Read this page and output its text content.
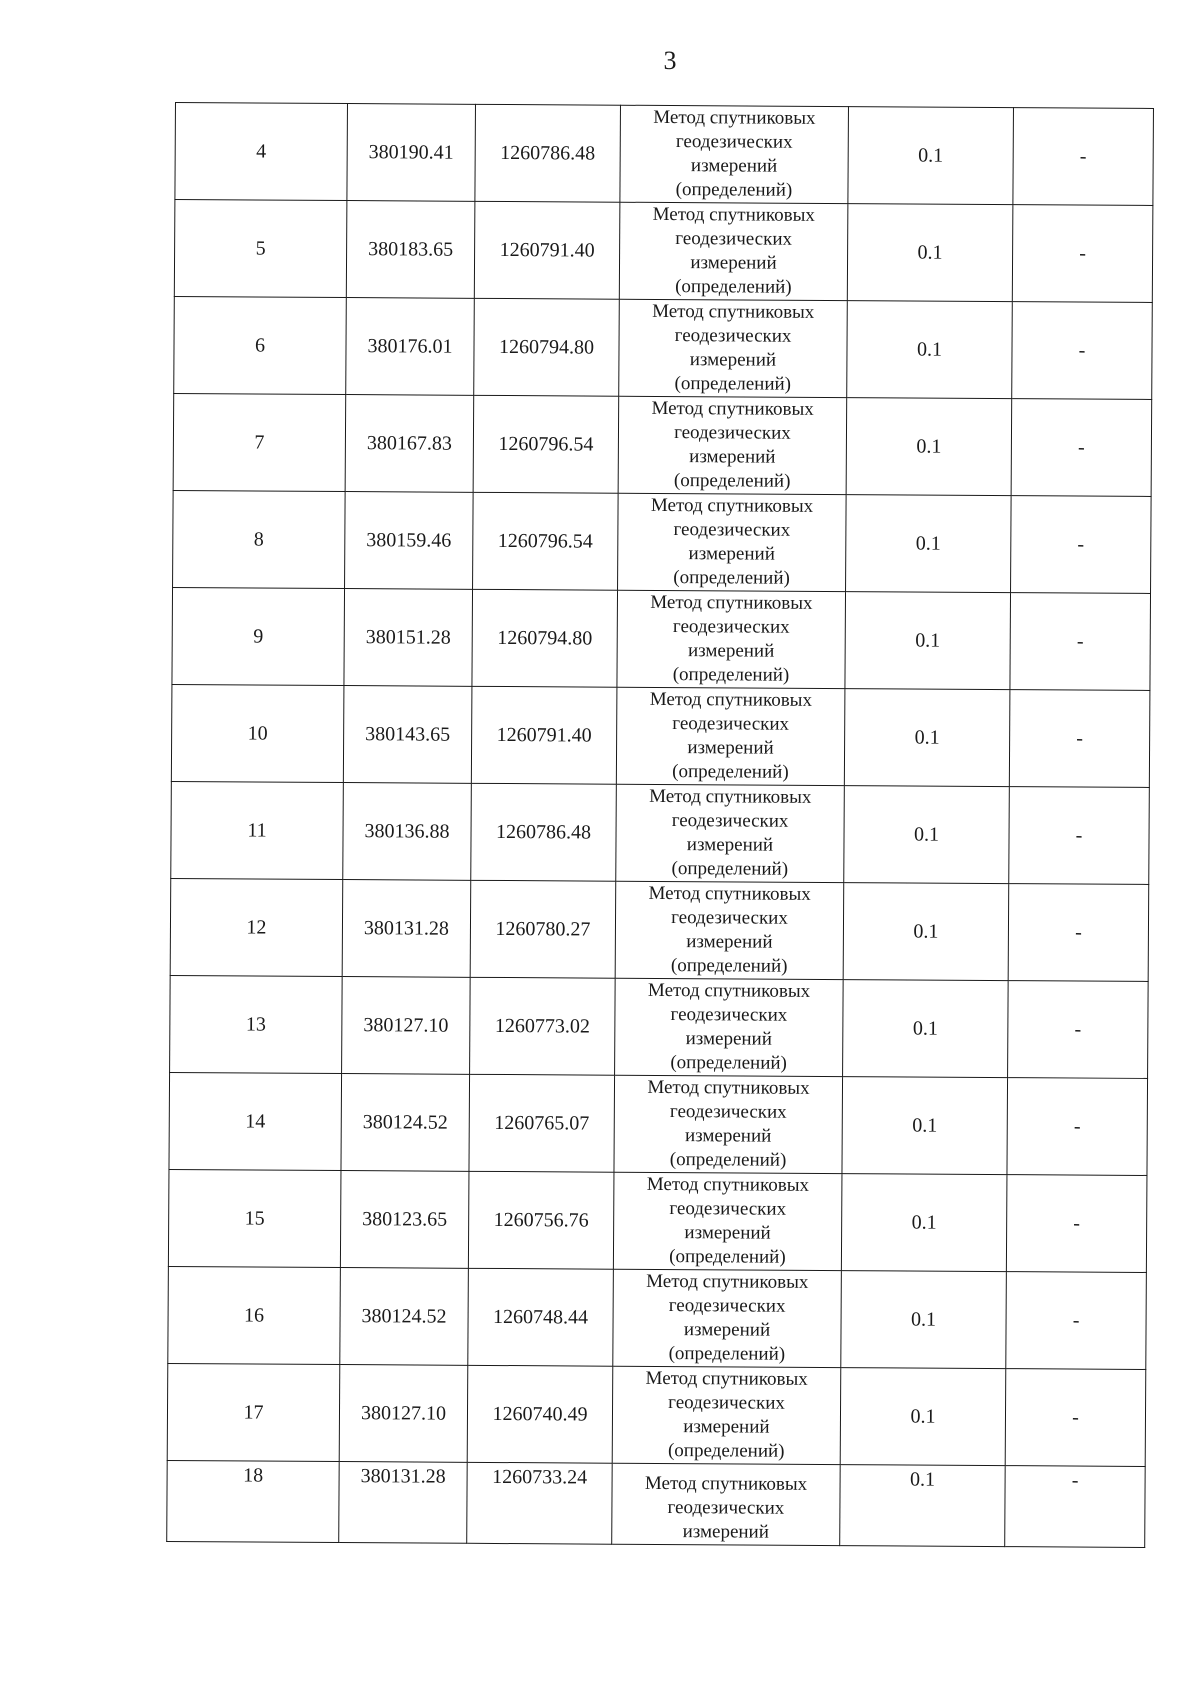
3
4	380190.41	1260786.48	Метод спутниковых
геодезических
измерений
(определений)	0.1	-
5	380183.65	1260791.40	Метод спутниковых
геодезических
измерений
(определений)	0.1	-
6	380176.01	1260794.80	Метод спутниковых
геодезических
измерений
(определений)	0.1	-
7	380167.83	1260796.54	Метод спутниковых
геодезических
измерений
(определений)	0.1	-
8	380159.46	1260796.54	Метод спутниковых
геодезических
измерений
(определений)	0.1	-
9	380151.28	1260794.80	Метод спутниковых
геодезических
измерений
(определений)	0.1	-
10	380143.65	1260791.40	Метод спутниковых
геодезических
измерений
(определений)	0.1	-
11	380136.88	1260786.48	Метод спутниковых
геодезических
измерений
(определений)	0.1	-
12	380131.28	1260780.27	Метод спутниковых
геодезических
измерений
(определений)	0.1	-
13	380127.10	1260773.02	Метод спутниковых
геодезических
измерений
(определений)	0.1	-
14	380124.52	1260765.07	Метод спутниковых
геодезических
измерений
(определений)	0.1	-
15	380123.65	1260756.76	Метод спутниковых
геодезических
измерений
(определений)	0.1	-
16	380124.52	1260748.44	Метод спутниковых
геодезических
измерений
(определений)	0.1	-
17	380127.10	1260740.49	Метод спутниковых
геодезических
измерений
(определений)	0.1	-
18	380131.28	1260733.24	Метод спутниковых
геодезических
измерений	0.1	-
